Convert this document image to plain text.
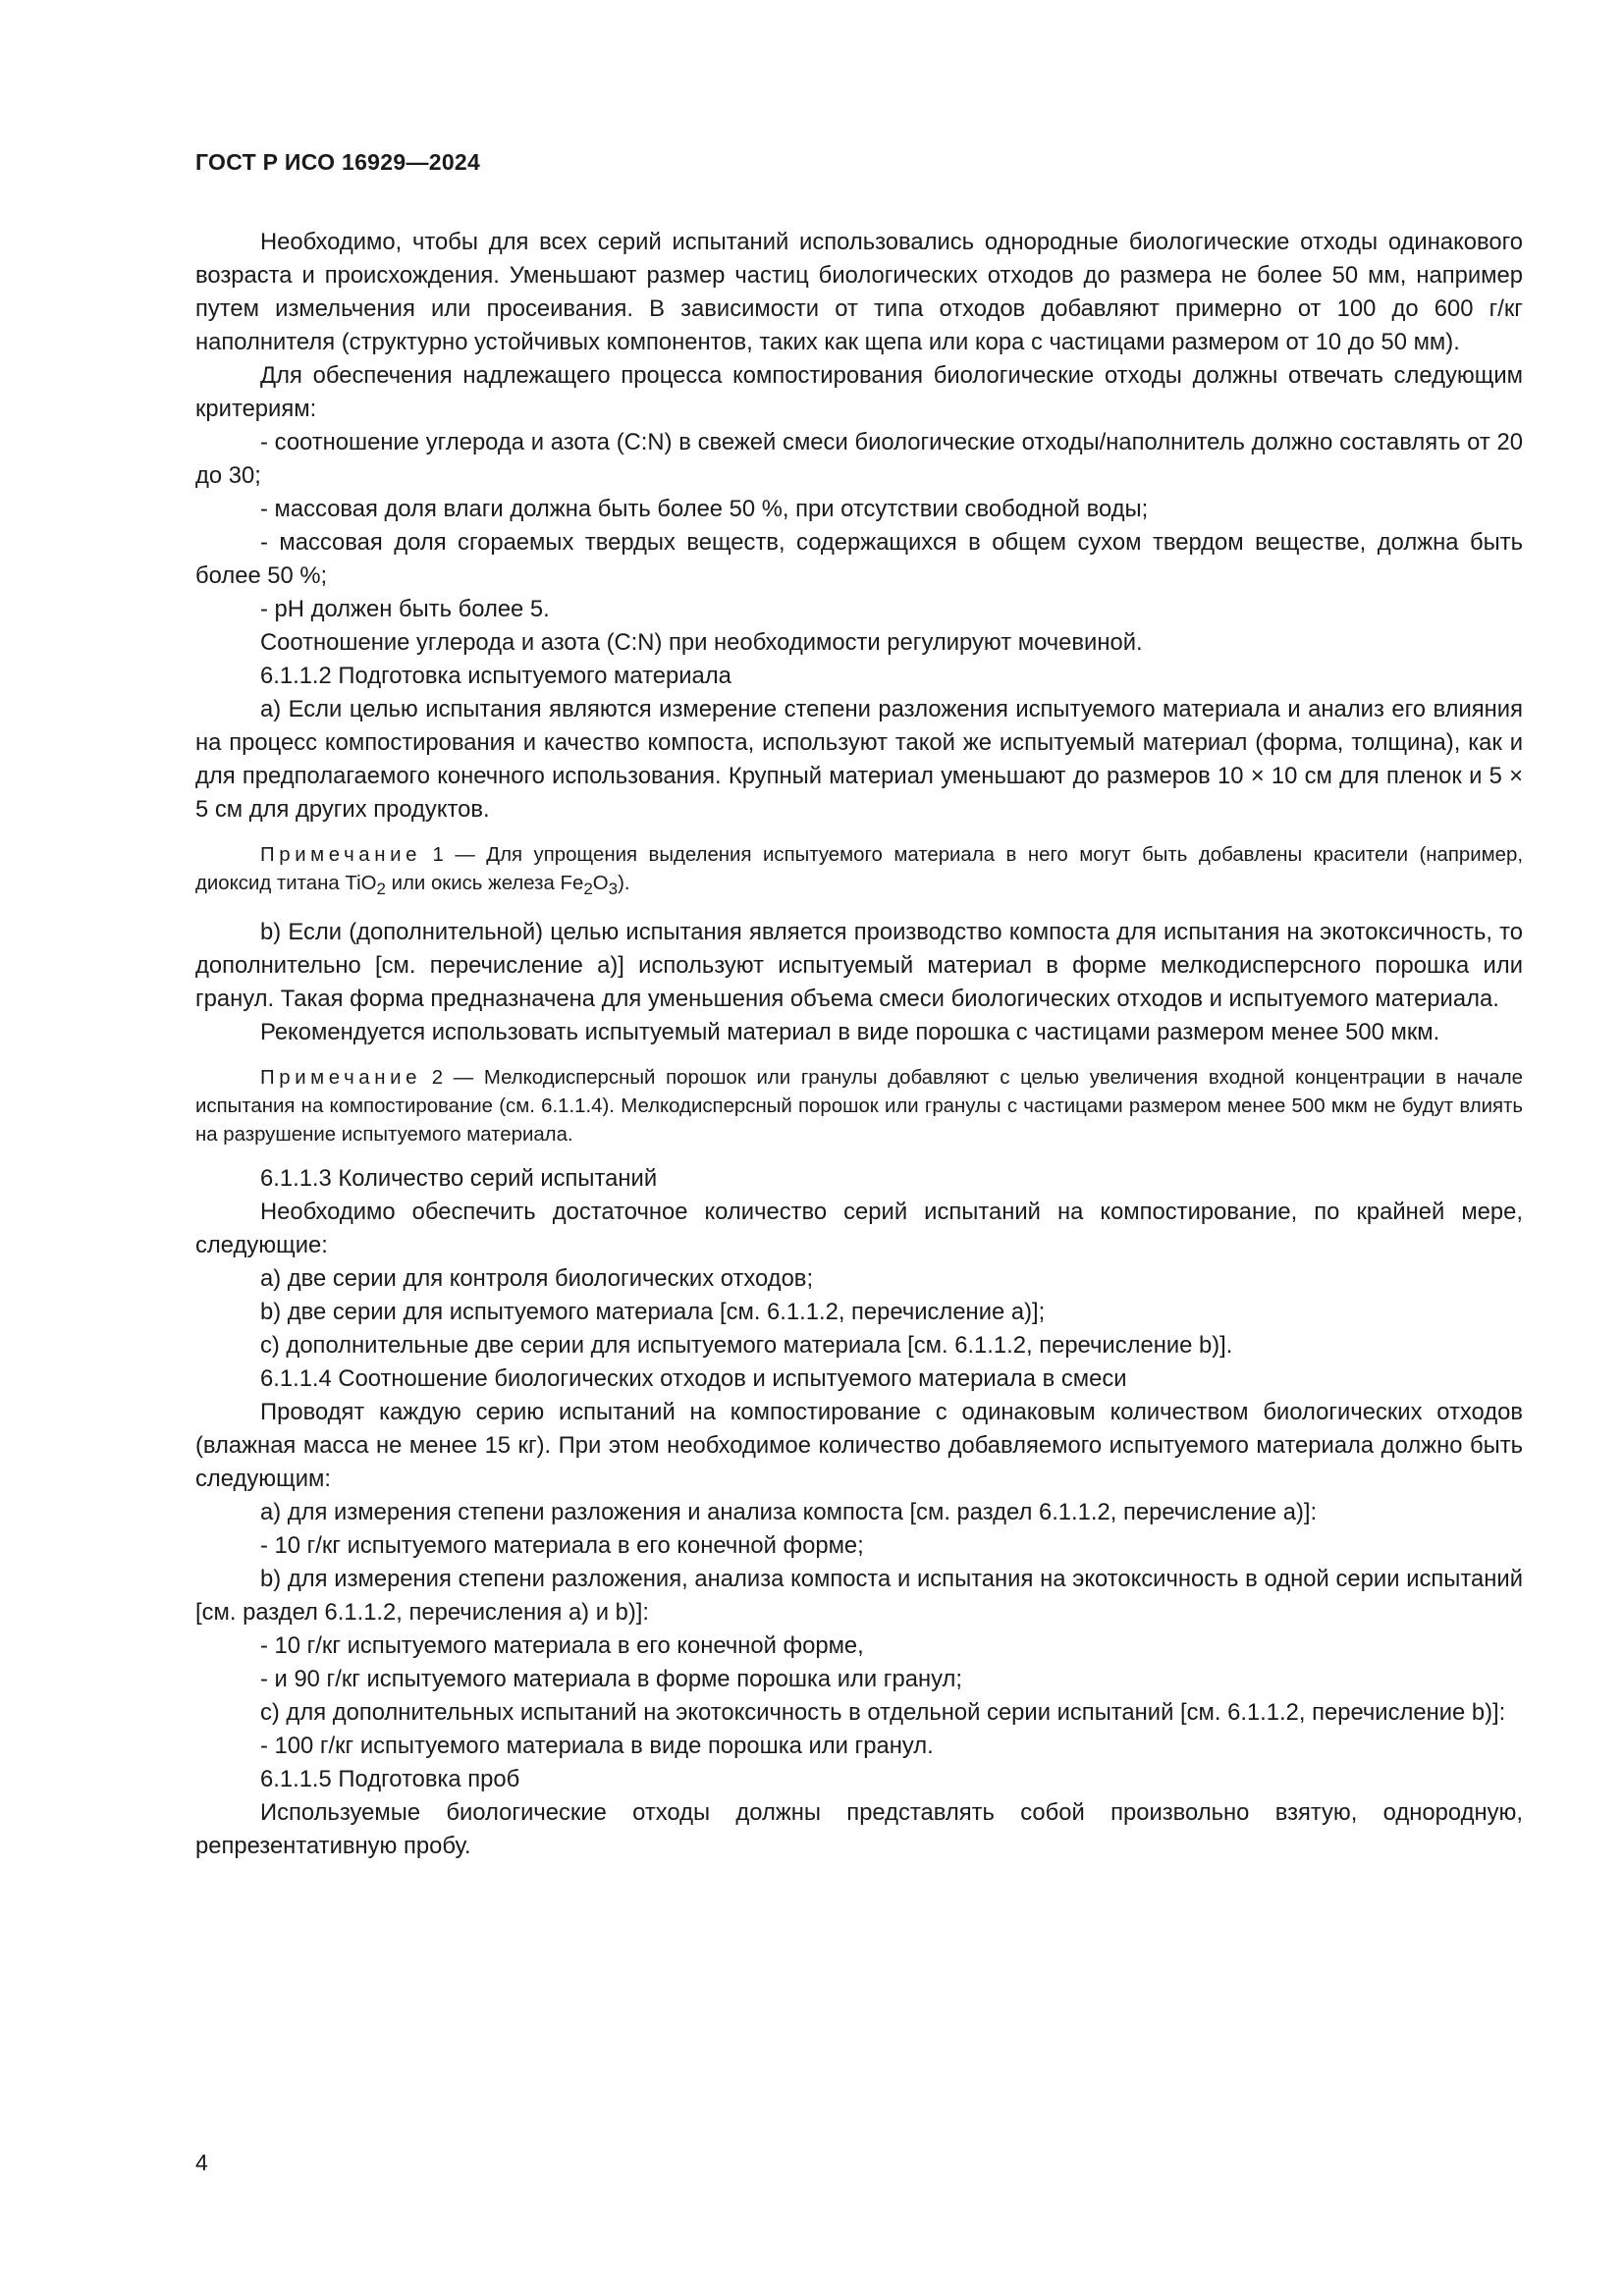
ГОСТ Р ИСО 16929—2024

Необходимо, чтобы для всех серий испытаний использовались однородные биологические отходы одинакового возраста и происхождения. Уменьшают размер частиц биологических отходов до размера не более 50 мм, например путем измельчения или просеивания. В зависимости от типа отходов добавляют примерно от 100 до 600 г/кг наполнителя (структурно устойчивых компонентов, таких как щепа или кора с частицами размером от 10 до 50 мм).

Для обеспечения надлежащего процесса компостирования биологические отходы должны отвечать следующим критериям:

- соотношение углерода и азота (C:N) в свежей смеси биологические отходы/наполнитель должно составлять от 20 до 30;

- массовая доля влаги должна быть более 50 %, при отсутствии свободной воды;

- массовая доля сгораемых твердых веществ, содержащихся в общем сухом твердом веществе, должна быть более 50 %;

- pH должен быть более 5.

Соотношение углерода и азота (C:N) при необходимости регулируют мочевиной.

6.1.1.2 Подготовка испытуемого материала

а) Если целью испытания являются измерение степени разложения испытуемого материала и анализ его влияния на процесс компостирования и качество компоста, используют такой же испытуемый материал (форма, толщина), как и для предполагаемого конечного использования. Крупный материал уменьшают до размеров 10 × 10 см для пленок и 5 × 5 см для других продуктов.

Примечание 1 — Для упрощения выделения испытуемого материала в него могут быть добавлены красители (например, диоксид титана TiO$_2$ или окись железа $Fe_2O_3$).

b) Если (дополнительной) целью испытания является производство компоста для испытания на экотоксичность, то дополнительно [см. перечисление а)] используют испытуемый материал в форме мелкодисперсного порошка или гранул. Такая форма предназначена для уменьшения объема смеси биологических отходов и испытуемого материала.

Рекомендуется использовать испытуемый материал в виде порошка с частицами размером менее 500 мкм.

Примечание 2 — Мелкодисперсный порошок или гранулы добавляют с целью увеличения входной концентрации в начале испытания на компостирование (см. 6.1.1.4). Мелкодисперсный порошок или гранулы с частицами размером менее 500 мкм не будут влиять на разрушение испытуемого материала.

6.1.1.3 Количество серий испытаний

Необходимо обеспечить достаточное количество серий испытаний на компостирование, по крайней мере, следующие:

а) две серии для контроля биологических отходов;

b) две серии для испытуемого материала [см. 6.1.1.2, перечисление а)];

с) дополнительные две серии для испытуемого материала [см. 6.1.1.2, перечисление b)].

6.1.1.4 Соотношение биологических отходов и испытуемого материала в смеси

Проводят каждую серию испытаний на компостирование с одинаковым количеством биологических отходов (влажная масса не менее 15 кг). При этом необходимое количество добавляемого испытуемого материала должно быть следующим:

а) для измерения степени разложения и анализа компоста [см. раздел 6.1.1.2, перечисление а)]:

- 10 г/кг испытуемого материала в его конечной форме;

b) для измерения степени разложения, анализа компоста и испытания на экотоксичность в одной серии испытаний [см. раздел 6.1.1.2, перечисления а) и b)]:

- 10 г/кг испытуемого материала в его конечной форме,

- и 90 г/кг испытуемого материала в форме порошка или гранул;

с) для дополнительных испытаний на экотоксичность в отдельной серии испытаний [см. 6.1.1.2, перечисление b)]:

- 100 г/кг испытуемого материала в виде порошка или гранул.

6.1.1.5 Подготовка проб

Используемые биологические отходы должны представлять собой произвольно взятую, однородную, репрезентативную пробу.

4
